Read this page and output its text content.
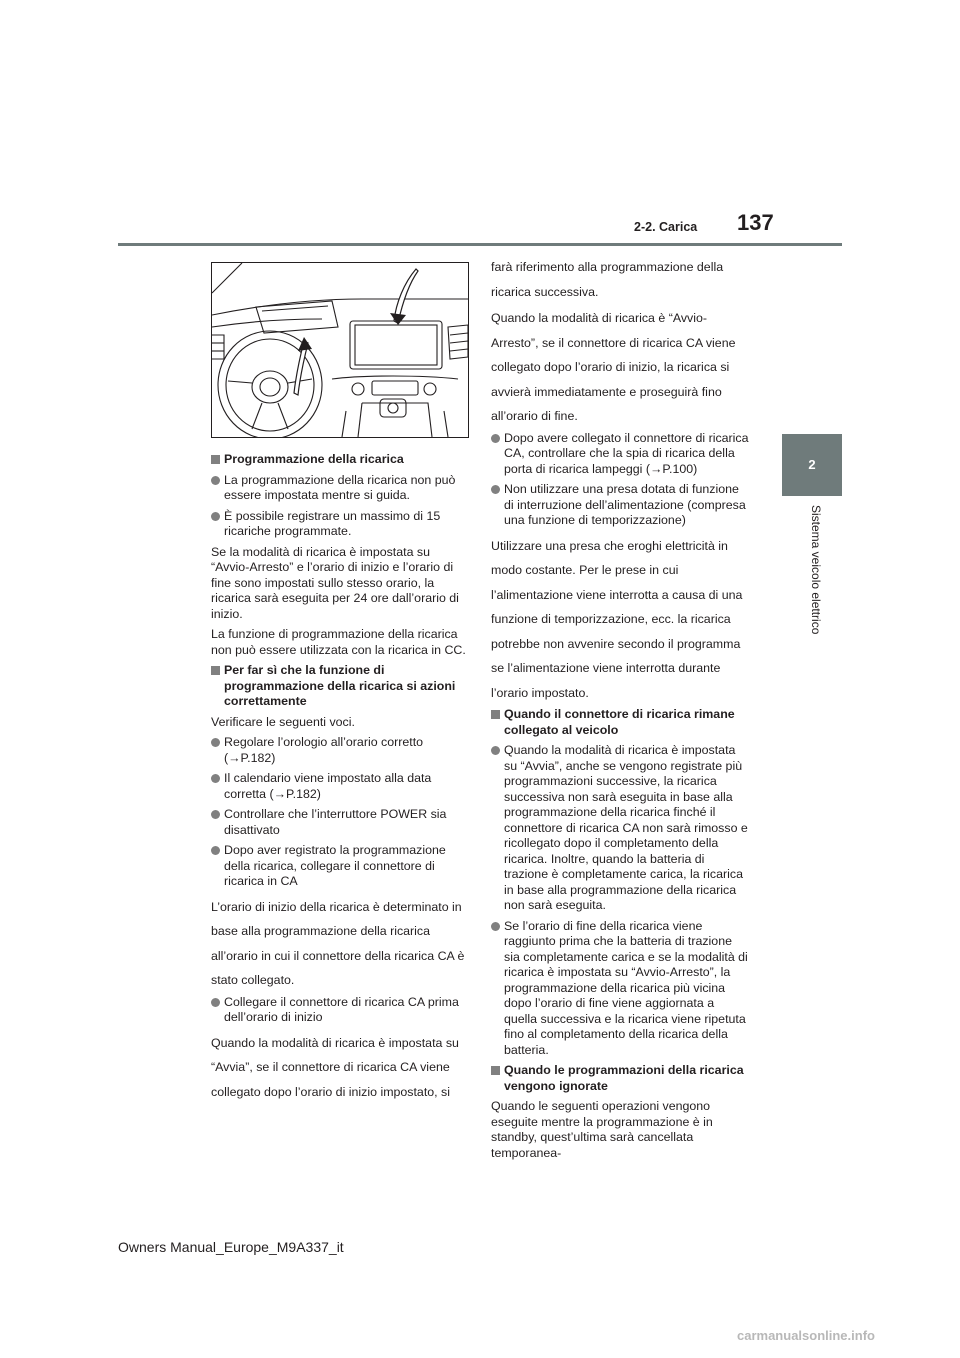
2-2. Carica 137
2
Sistema veicolo elettrico

Programmazione della ricarica

La programmazione della ricarica non può essere impostata mentre si guida.

È possibile registrare un massimo di 15 ricariche programmate.

Se la modalità di ricarica è impostata su “Avvio-Arresto” e l’orario di inizio e l’orario di fine sono impostati sullo stesso orario, la ricarica sarà eseguita per 24 ore dall’orario di inizio.

La funzione di programmazione della ricarica non può essere utilizzata con la ricarica in CC.

Per far sì che la funzione di programmazione della ricarica si azioni correttamente

Verificare le seguenti voci.

Regolare l’orologio all’orario corretto (→P.182)

Il calendario viene impostato alla data corretta (→P.182)

Controllare che l’interruttore POWER sia disattivato

Dopo aver registrato la programmazione della ricarica, collegare il connettore di ricarica in CA

L’orario di inizio della ricarica è determinato in base alla programmazione della ricarica all’orario in cui il connettore della ricarica CA è stato collegato.

Collegare il connettore di ricarica CA prima dell’orario di inizio

Quando la modalità di ricarica è impostata su “Avvia”, se il connettore di ricarica CA viene collegato dopo l’orario di inizio impostato, si

farà riferimento alla programmazione della ricarica successiva.

Quando la modalità di ricarica è “Avvio-Arresto”, se il connettore di ricarica CA viene collegato dopo l’orario di inizio, la ricarica si avvierà immediatamente e proseguirà fino all’orario di fine.

Dopo avere collegato il connettore di ricarica CA, controllare che la spia di ricarica della porta di ricarica lampeggi (→P.100)

Non utilizzare una presa dotata di funzione di interruzione dell’alimentazione (compresa una funzione di temporizzazione)

Utilizzare una presa che eroghi elettricità in modo costante. Per le prese in cui l’alimentazione viene interrotta a causa di una funzione di temporizzazione, ecc. la ricarica potrebbe non avvenire secondo il programma se l’alimentazione viene interrotta durante l’orario impostato.

Quando il connettore di ricarica rimane collegato al veicolo

Quando la modalità di ricarica è impostata su “Avvia”, anche se vengono registrate più programmazioni successive, la ricarica successiva non sarà eseguita in base alla programmazione della ricarica finché il connettore di ricarica CA non sarà rimosso e ricollegato dopo il completamento della ricarica. Inoltre, quando la batteria di trazione è completamente carica, la ricarica in base alla programmazione della ricarica non sarà eseguita.

Se l’orario di fine della ricarica viene raggiunto prima che la batteria di trazione sia completamente carica e se la modalità di ricarica è impostata su “Avvio-Arresto”, la programmazione della ricarica più vicina dopo l’orario di fine viene aggiornata a quella successiva e la ricarica viene ripetuta fino al completamento della ricarica della batteria.

Quando le programmazioni della ricarica vengono ignorate

Quando le seguenti operazioni vengono eseguite mentre la programmazione è in standby, quest’ultima sarà cancellata temporanea-

Owners Manual_Europe_M9A337_it
carmanualsonline.info
